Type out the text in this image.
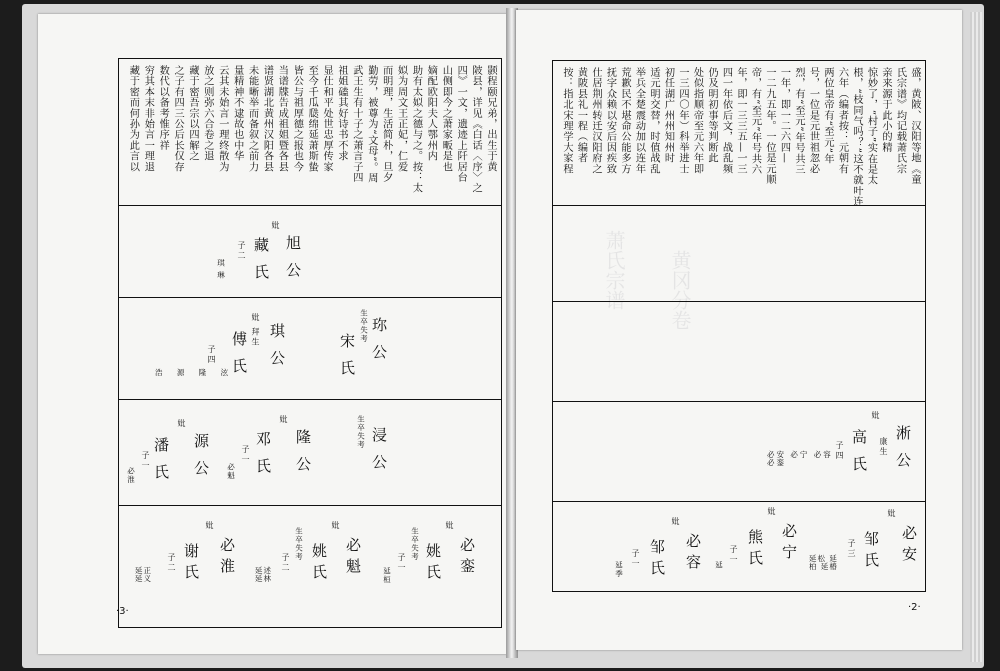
颢程颐兄弟，出生于黄
陂县，详见《白话〈序〉之
四》一文，遗迹上阡居台
山侧即今之萧家畈是也
嫡配欧阳夫人鄂州内
助有太姒之德与之。按：太
姒为周文王正妃，仁爱
而明理，生活简朴，旦夕
勤劳，被尊为“文母”。周
武王生有十子之萧言子四
祖姐磕其好诗书不求
显仕和平处世忠厚传家
至今千瓜瓞绵延萧斯蛰
皆公与祖厚德之报也今
当谱牒告成祖姐暨各县
谱贤湖北黄州汉阳各县
未能晰举而备叙之前力
量精神不逮故也中华
云其未始言一理终散为
放之则弥六合卷之退
藏于密吾宗以四解之
之子有四三公后长仅存
数代以备考惟序祥
穷其本末非始言一理退
藏于密而何孙为此言以
旭公
妣
藏氏
子二
琪 琳
生卒失考 珎公
宋氏
琪公
妣 拜生
傅氏
子四
浩 源 隆 泫
生卒失考 浸公
隆公
妣
邓氏
子一
必魁
源公
妣
潘氏
子一
必淮
必銮
妣
姚氏
生卒失考
子一
延桓
必魁
妣
姚氏
生卒失考
子二
延述 延林
必淮
妣
谢氏
子二
延正 延义
·3·
萧氏宗谱 黄冈分卷
盛，黄陂、汉阳等地《童
氏宗谱》均记载萧氏宗
亲来源于此小的精
惊妙了，“村子”实在是太
根，“枝同气吗？”这不就叶连
六年（编者按：元朝有
两位皇帝有“至元”年
号，一位是元世祖忽必
烈，有“至元”年号共三
一年，即一二六四—
一二九五年。一位是元顺
帝，有“至元”年号共六
年，即一三三五—一三
四一年依后文，战乱频
仍及明初事等判断此
处似指顺帝至元六年即
一三四〇年）科举进士
初任湖广州州知州时
适元明交替，时值战乱
举兵全楚震动加以连年
荒歉民不堪命公能多方
抚字众赖以安后因疾致
仕居荆州转迁汉阳府之
黄陂县礼一程（编者
按：指北宋理学大家程
淅公
康生
妣
高氏
子四
必安 必宁 必容 必銮
必安
妣
邹氏
子三
延松 延柏 延椿
必宁
妣
熊氏
子一
延
必容
妣
邹氏
子一
延季
·2·
